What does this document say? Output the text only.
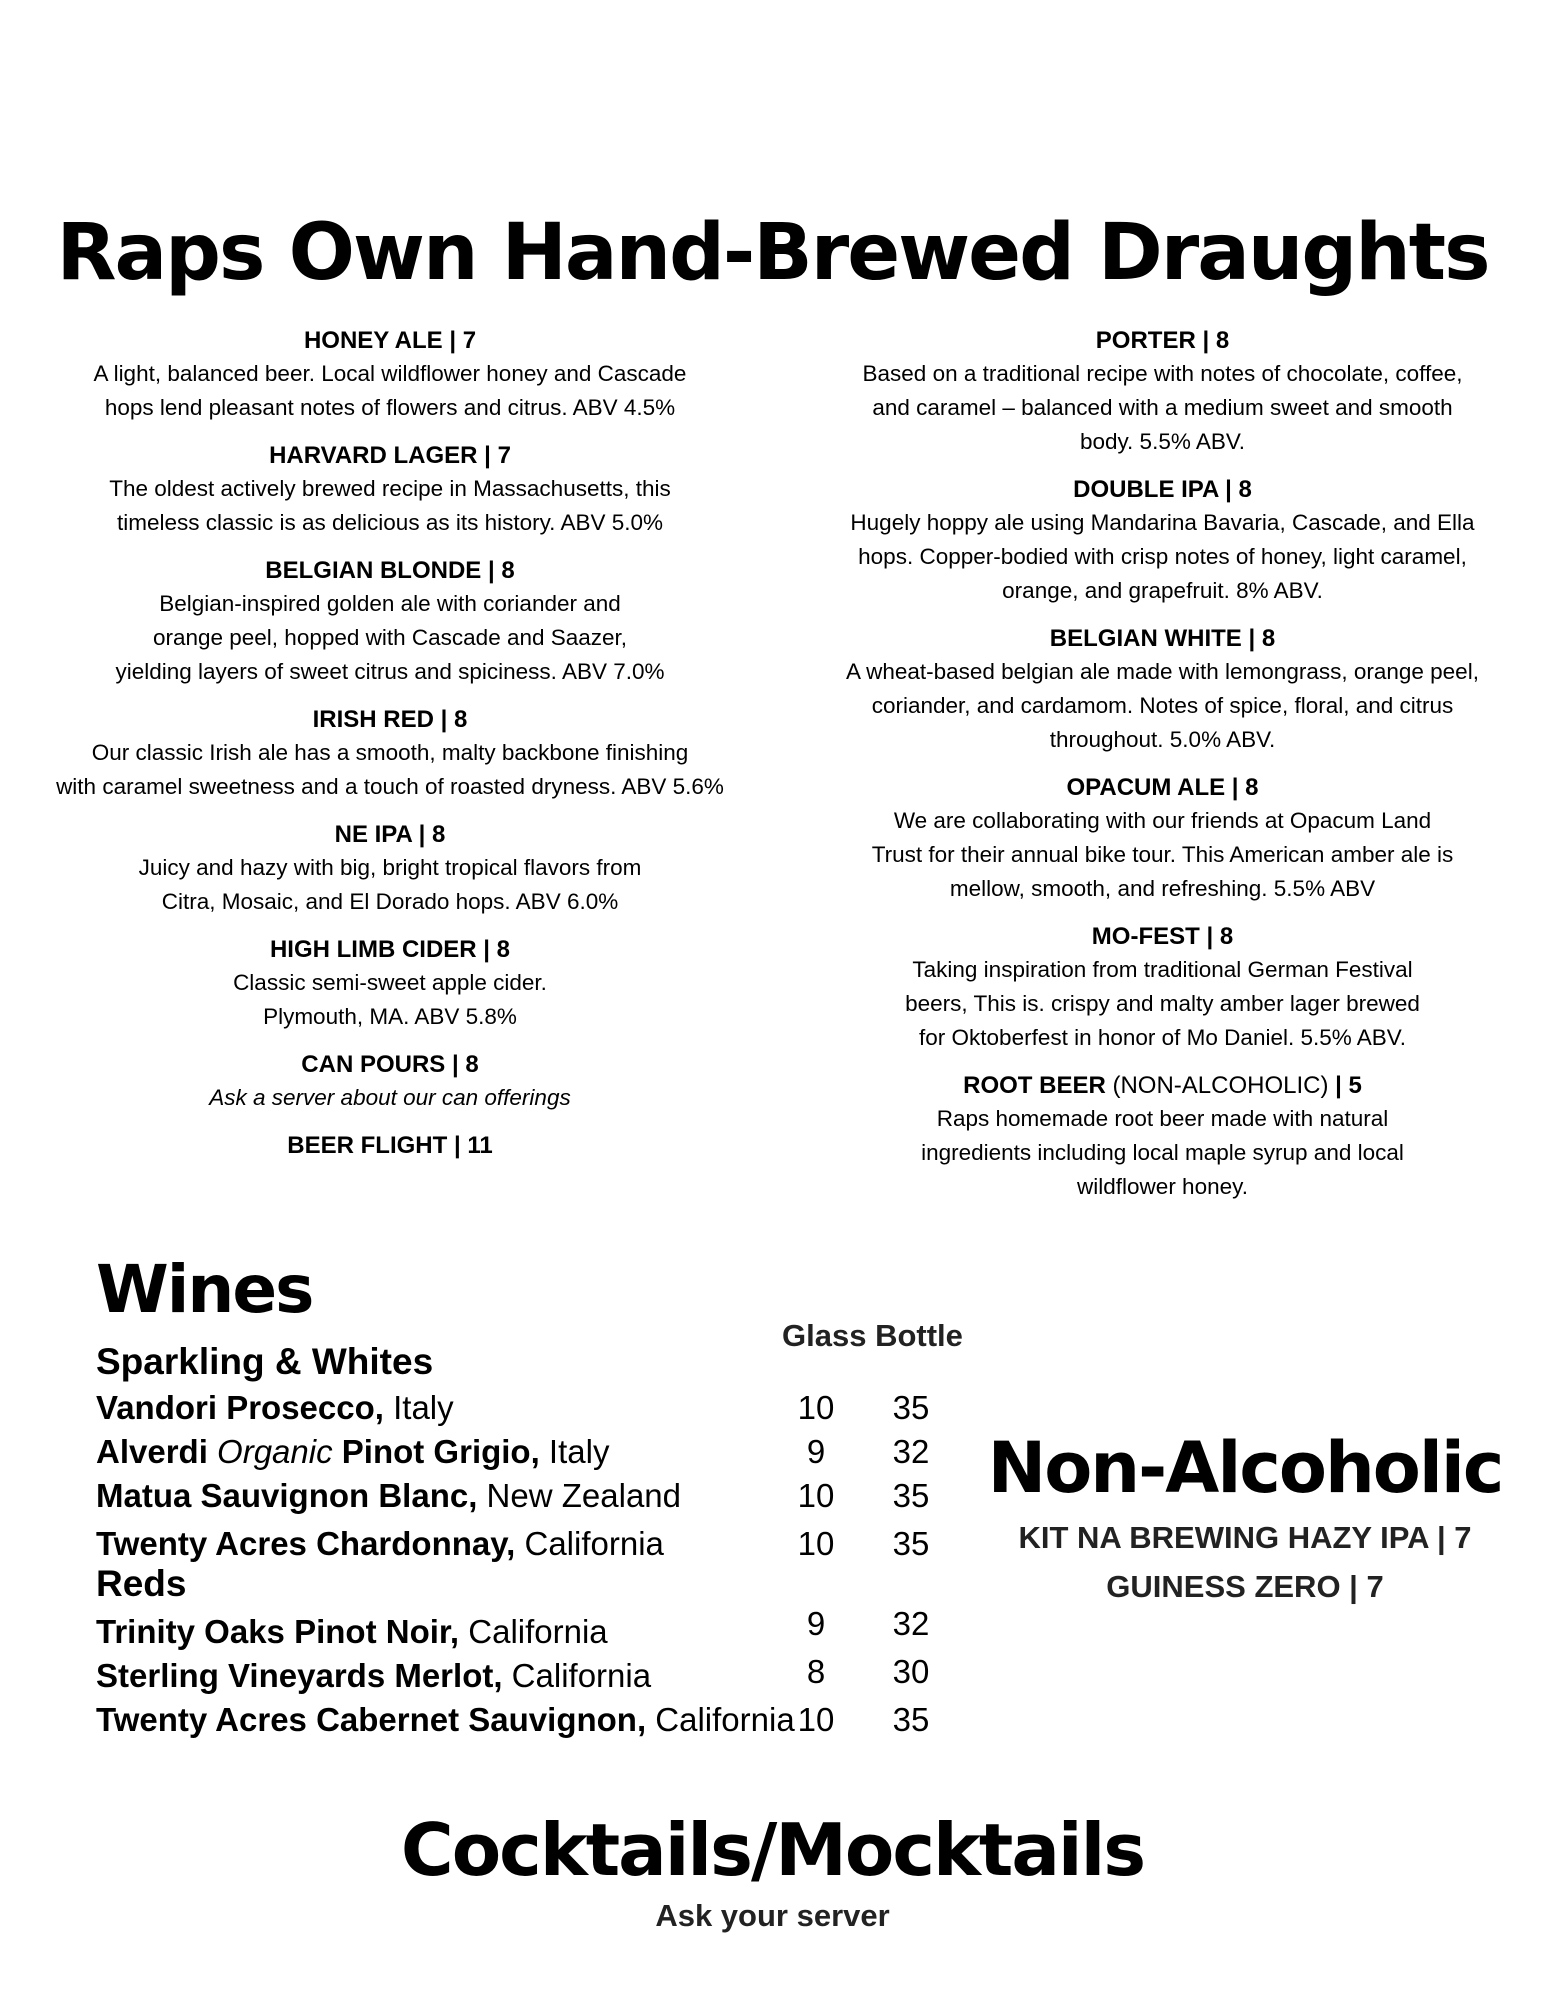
Raps Own Hand-Brewed Draughts
HONEY ALE | 7
A light, balanced beer. Local wildflower honey and Cascade
hops lend pleasant notes of flowers and citrus. ABV 4.5%
HARVARD LAGER | 7
The oldest actively brewed recipe in Massachusetts, this
timeless classic is as delicious as its history. ABV 5.0%
BELGIAN BLONDE | 8
Belgian-inspired golden ale with coriander and
orange peel, hopped with Cascade and Saazer,
yielding layers of sweet citrus and spiciness. ABV 7.0%
IRISH RED | 8
Our classic Irish ale has a smooth, malty backbone finishing
with caramel sweetness and a touch of roasted dryness. ABV 5.6%
NE IPA | 8
Juicy and hazy with big, bright tropical flavors from
Citra, Mosaic, and El Dorado hops. ABV 6.0%
HIGH LIMB CIDER | 8
Classic semi-sweet apple cider.
Plymouth, MA. ABV 5.8%
CAN POURS | 8
Ask a server about our can offerings
BEER FLIGHT | 11
PORTER | 8
Based on a traditional recipe with notes of chocolate, coffee,
and caramel – balanced with a medium sweet and smooth
body. 5.5% ABV.
DOUBLE IPA | 8
Hugely hoppy ale using Mandarina Bavaria, Cascade, and Ella
hops. Copper-bodied with crisp notes of honey, light caramel,
orange, and grapefruit. 8% ABV.
BELGIAN WHITE | 8
A wheat-based belgian ale made with lemongrass, orange peel,
coriander, and cardamom. Notes of spice, floral, and citrus
throughout. 5.0% ABV.
OPACUM ALE | 8
We are collaborating with our friends at Opacum Land
Trust for their annual bike tour. This American amber ale is
mellow, smooth, and refreshing. 5.5% ABV
MO-FEST | 8
Taking inspiration from traditional German Festival
beers, This is. crispy and malty amber lager brewed
for Oktoberfest in honor of Mo Daniel. 5.5% ABV.
ROOT BEER (NON-ALCOHOLIC) | 5
Raps homemade root beer made with natural
ingredients including local maple syrup and local
wildflower honey.
Wines
Glass Bottle
Sparkling & Whites
Vandori Prosecco, Italy	10	35
Alverdi Organic Pinot Grigio, Italy	9	32
Matua Sauvignon Blanc, New Zealand	10	35
Twenty Acres Chardonnay, California	10	35
Reds
Trinity Oaks Pinot Noir, California	9	32
Sterling Vineyards Merlot, California	8	30
Twenty Acres Cabernet Sauvignon, California 10	35
Non-Alcoholic
KIT NA BREWING HAZY IPA | 7
GUINESS ZERO | 7
Cocktails/Mocktails
Ask your server
